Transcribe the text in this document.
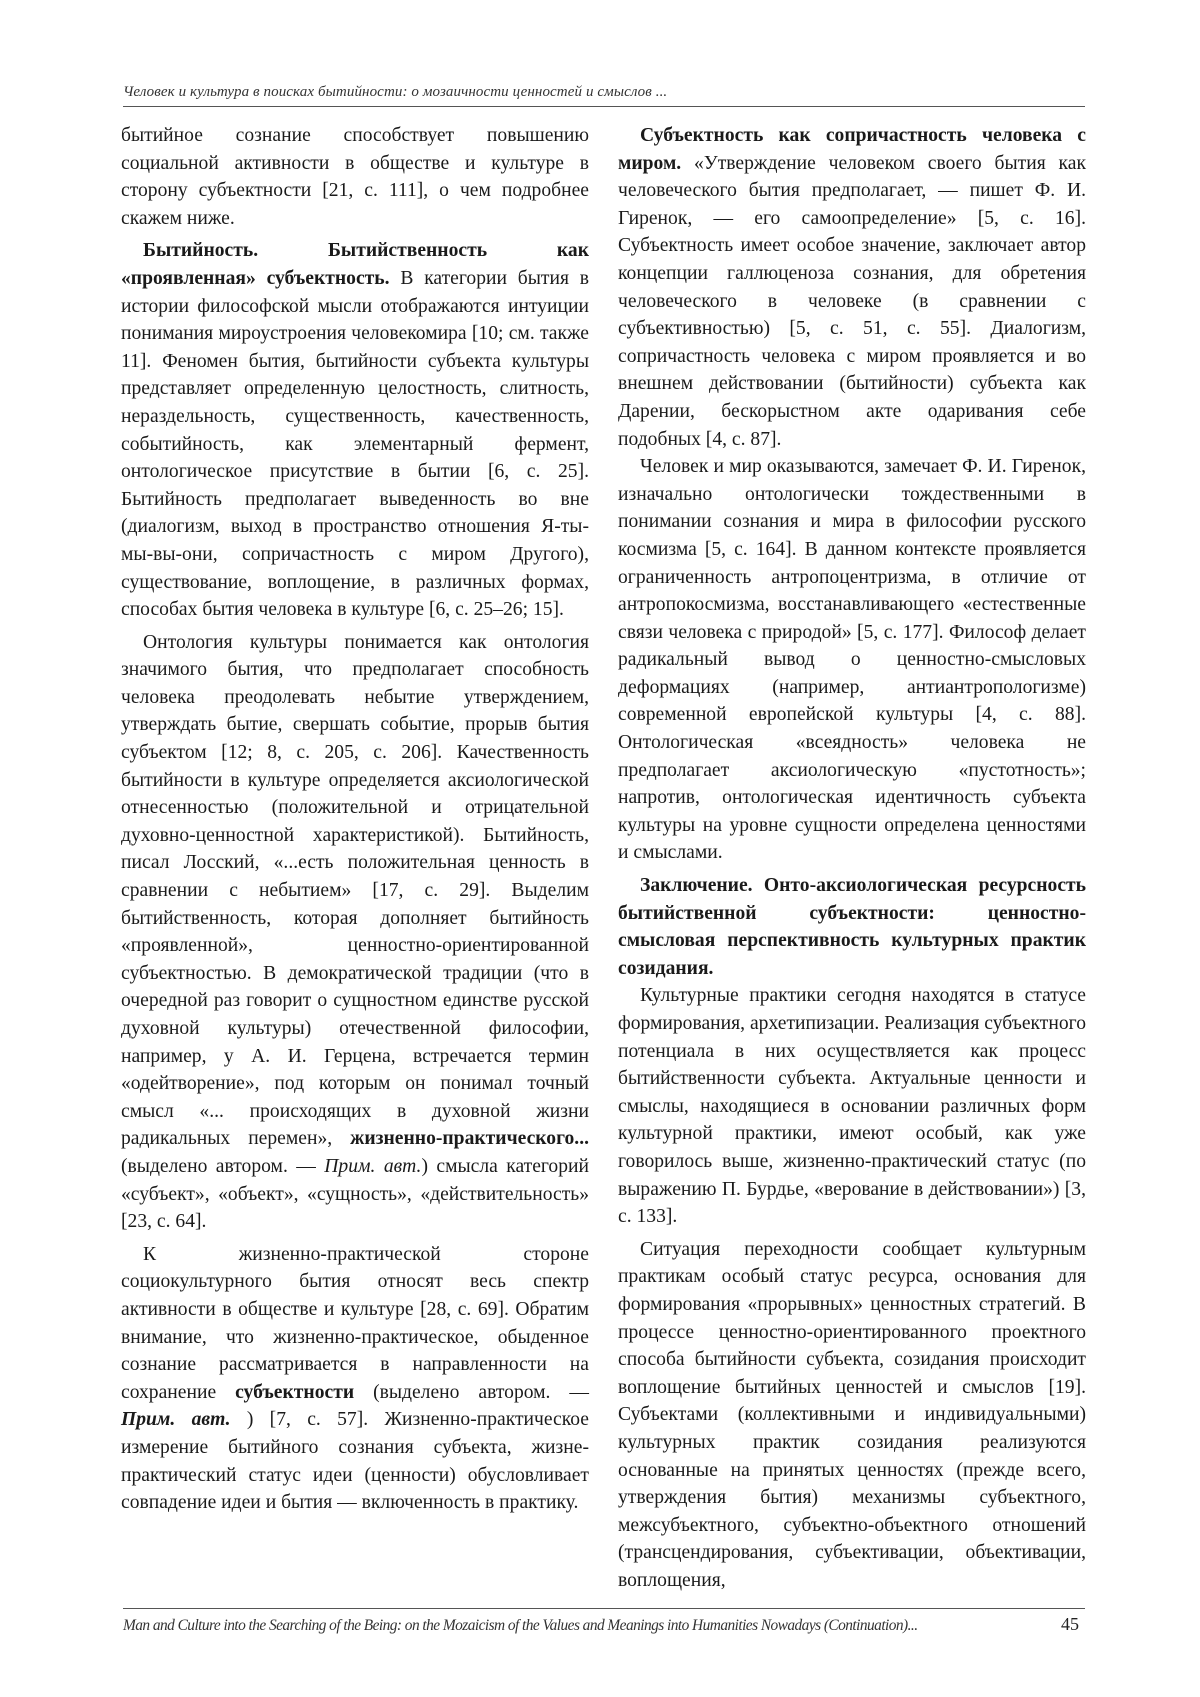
Человек и культура в поисках бытийности: о мозаичности ценностей и смыслов ...

бытийное сознание способствует повышению социальной активности в обществе и культуре в сторону субъектности [21, с. 111], о чем подробнее скажем ниже.

Бытийность. Бытийственность как «проявленная» субъектность. В категории бытия в истории философской мысли отображаются интуиции понимания мироустроения человекомира [10; см. также 11]. Феномен бытия, бытийности субъекта культуры представляет определенную целостность, слитность, нераздельность, существенность, качественность, событийность, как элементарный фермент, онтологическое присутствие в бытии [6, с. 25]. Бытийность предполагает выведенность во вне (диалогизм, выход в пространство отношения Я-ты-мы-вы-они, сопричастность с миром Другого), существование, воплощение, в различных формах, способах бытия человека в культуре [6, с. 25–26; 15].

Онтология культуры понимается как онтология значимого бытия, что предполагает способность человека преодолевать небытие утверждением, утверждать бытие, свершать событие, прорыв бытия субъектом [12; 8, с. 205, с. 206]. Качественность бытийности в культуре определяется аксиологической отнесенностью (положительной и отрицательной духовно-ценностной характеристикой). Бытийность, писал Лосский, «...есть положительная ценность в сравнении с небытием» [17, с. 29]. Выделим бытийственность, которая дополняет бытийность «проявленной», ценностно-ориентированной субъектностью. В демократической традиции (что в очередной раз говорит о сущностном единстве русской духовной культуры) отечественной философии, например, у А. И. Герцена, встречается термин «одейтворение», под которым он понимал точный смысл «... происходящих в духовной жизни радикальных перемен», жизненно-практического... (выделено автором. — Прим. авт.) смысла категорий «субъект», «объект», «сущность», «действительность» [23, с. 64].

К жизненно-практической стороне социокультурного бытия относят весь спектр активности в обществе и культуре [28, с. 69]. Обратим внимание, что жизненно-практическое, обыденное сознание рассматривается в направленности на сохранение субъектности (выделено автором. — Прим. авт. ) [7, с. 57]. Жизненно-практическое измерение бытийного сознания субъекта, жизне-практический статус идеи (ценности) обусловливает совпадение идеи и бытия — включенность в практику.

Субъектность как сопричастность человека с миром. «Утверждение человеком своего бытия как человеческого бытия предполагает, — пишет Ф. И. Гиренок, — его самоопределение» [5, с. 16]. Субъектность имеет особое значение, заключает автор концепции галлюценоза сознания, для обретения человеческого в человеке (в сравнении с субъективностью) [5, с. 51, с. 55]. Диалогизм, сопричастность человека с миром проявляется и во внешнем действовании (бытийности) субъекта как Дарении, бескорыстном акте одаривания себе подобных [4, с. 87].

Человек и мир оказываются, замечает Ф. И. Гиренок, изначально онтологически тождественными в понимании сознания и мира в философии русского космизма [5, с. 164]. В данном контексте проявляется ограниченность антропоцентризма, в отличие от антропокосмизма, восстанавливающего «естественные связи человека с природой» [5, с. 177]. Философ делает радикальный вывод о ценностно-смысловых деформациях (например, антиантропологизме) современной европейской культуры [4, с. 88]. Онтологическая «всеядность» человека не предполагает аксиологическую «пустотность»; напротив, онтологическая идентичность субъекта культуры на уровне сущности определена ценностями и смыслами.

Заключение. Онто-аксиологическая ресурсность бытийственной субъектности: ценностно-смысловая перспективность культурных практик созидания.

Культурные практики сегодня находятся в статусе формирования, архетипизации. Реализация субъектного потенциала в них осуществляется как процесс бытийственности субъекта. Актуальные ценности и смыслы, находящиеся в основании различных форм культурной практики, имеют особый, как уже говорилось выше, жизненно-практический статус (по выражению П. Бурдье, «верование в действовании») [3, с. 133].

Ситуация переходности сообщает культурным практикам особый статус ресурса, основания для формирования «прорывных» ценностных стратегий. В процессе ценностно-ориентированного проектного способа бытийности субъекта, созидания происходит воплощение бытийных ценностей и смыслов [19]. Субъектами (коллективными и индивидуальными) культурных практик созидания реализуются основанные на принятых ценностях (прежде всего, утверждения бытия) механизмы субъектного, межсубъектного, субъектно-объектного отношений (трансцендирования, субъективации, объективации, воплощения,

Man and Culture into the Searching of the Being: on the Mozaicism of the Values and Meanings into Humanities Nowadays (Continuation)...	45
